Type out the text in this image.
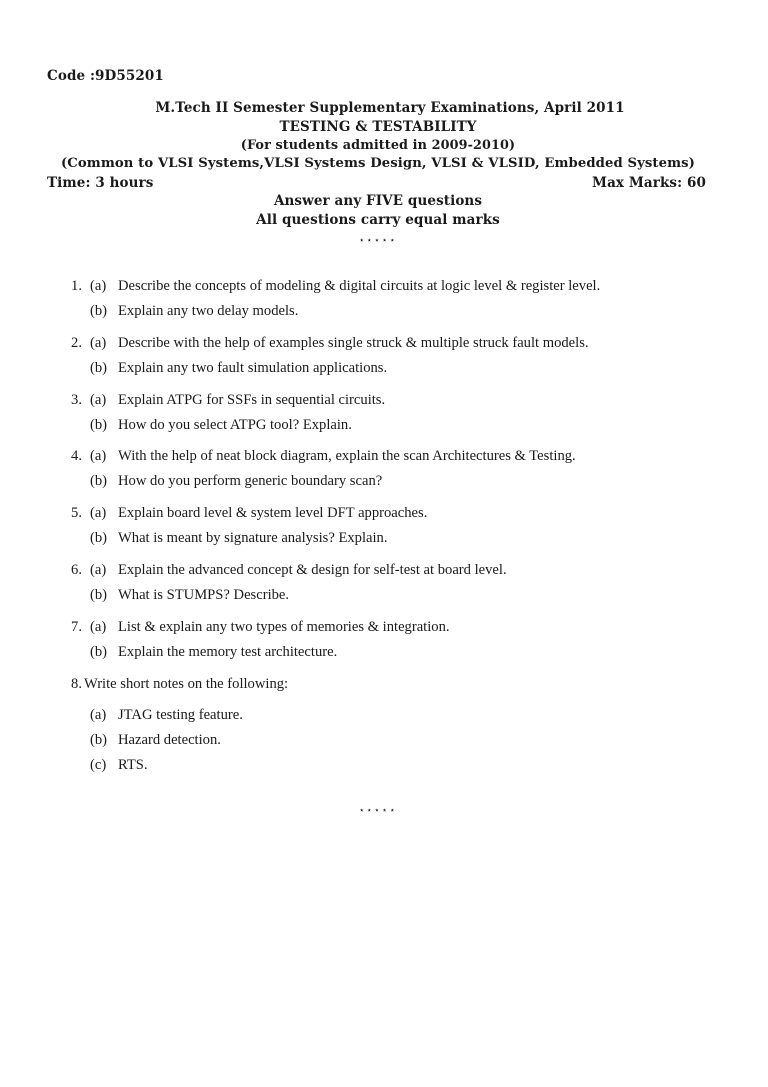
Code :9D55201
M.Tech II Semester Supplementary Examinations, April 2011
TESTING & TESTABILITY
(For students admitted in 2009-2010)
(Common to VLSI Systems,VLSI Systems Design, VLSI & VLSID, Embedded Systems)
Time: 3 hours	Max Marks: 60
Answer any FIVE questions
All questions carry equal marks
⋆⋆⋆⋆⋆
1. (a) Describe the concepts of modeling & digital circuits at logic level & register level.
(b) Explain any two delay models.
2. (a) Describe with the help of examples single struck & multiple struck fault models.
(b) Explain any two fault simulation applications.
3. (a) Explain ATPG for SSFs in sequential circuits.
(b) How do you select ATPG tool? Explain.
4. (a) With the help of neat block diagram, explain the scan Architectures & Testing.
(b) How do you perform generic boundary scan?
5. (a) Explain board level & system level DFT approaches.
(b) What is meant by signature analysis? Explain.
6. (a) Explain the advanced concept & design for self-test at board level.
(b) What is STUMPS? Describe.
7. (a) List & explain any two types of memories & integration.
(b) Explain the memory test architecture.
8. Write short notes on the following:
(a) JTAG testing feature.
(b) Hazard detection.
(c) RTS.
⋆⋆⋆⋆⋆
